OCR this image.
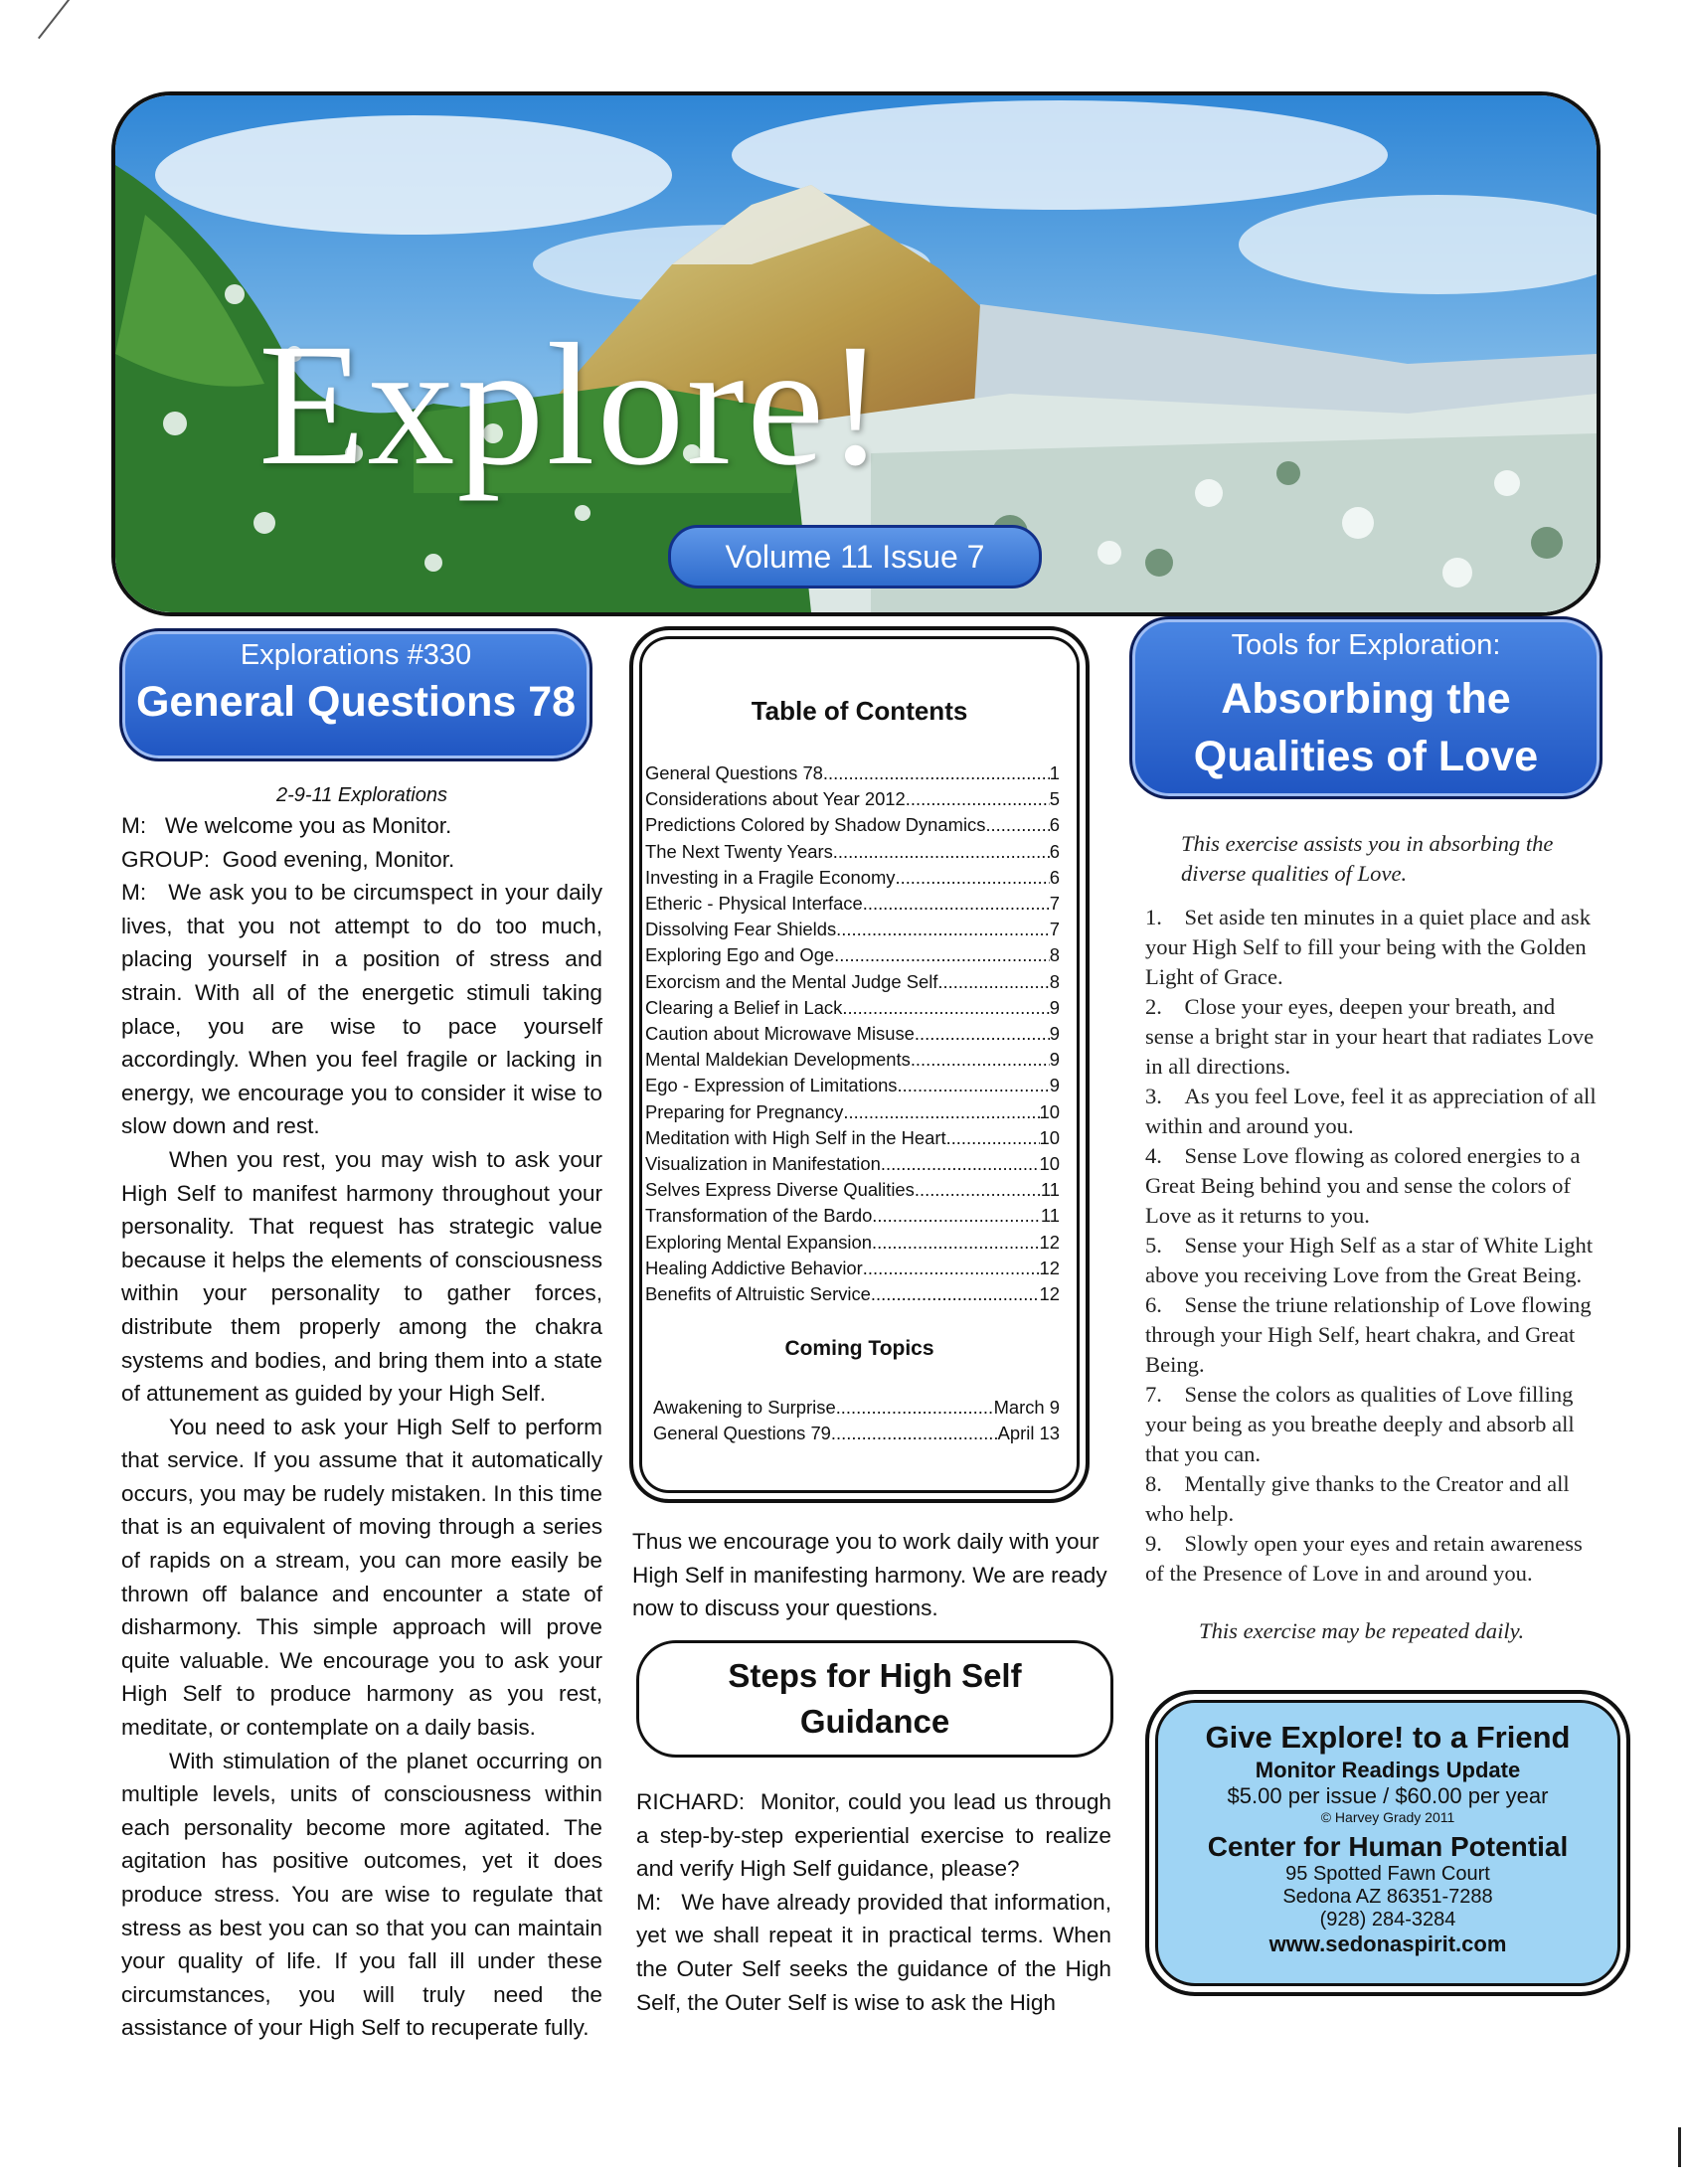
Explore!
Volume 11 Issue 7
Explorations #330
General Questions 78
2-9-11 Explorations

M:   We welcome you as Monitor.

GROUP:  Good evening, Monitor.

M:   We ask you to be circumspect in your daily lives, that you not attempt to do too much, placing yourself in a position of stress and strain. With all of the energetic stimuli taking place, you are wise to pace yourself accordingly. When you feel fragile or lacking in energy, we encourage you to consider it wise to slow down and rest.

When you rest, you may wish to ask your High Self to manifest harmony throughout your personality. That request has strategic value because it helps the elements of consciousness within your personality to gather forces, distribute them properly among the chakra systems and bodies, and bring them into a state of attunement as guided by your High Self.

You need to ask your High Self to perform that service. If you assume that it automatically occurs, you may be rudely mistaken. In this time that is an equivalent of moving through a series of rapids on a stream, you can more easily be thrown off balance and encounter a state of disharmony. This simple approach will prove quite valuable. We encourage you to ask your High Self to produce harmony as you rest, meditate, or contemplate on a daily basis.

With stimulation of the planet occurring on multiple levels, units of consciousness within each personality become more agitated. The agitation has positive outcomes, yet it does produce stress. You are wise to regulate that stress as best you can so that you can maintain your quality of life. If you fall ill under these circumstances, you will truly need the assistance of your High Self to recuperate fully.

Table of Contents
General Questions 78 .....	1
Considerations about Year 2012 .....	5
Predictions Colored by Shadow Dynamics .....	6
The Next Twenty Years .....	6
Investing in a Fragile Economy .....	6
Etheric - Physical Interface .....	7
Dissolving Fear Shields .....	7
Exploring Ego and Oge .....	8
Exorcism and the Mental Judge Self .....	8
Clearing a Belief in Lack .....	9
Caution about Microwave Misuse .....	9
Mental Maldekian Developments .....	9
Ego - Expression of Limitations .....	9
Preparing for Pregnancy .....	10
Meditation with High Self in the Heart .....	10
Visualization in Manifestation .....	10
Selves Express Diverse Qualities .....	11
Transformation of the Bardo .....	11
Exploring Mental Expansion .....	12
Healing Addictive Behavior .....	12
Benefits of Altruistic Service .....	12
Coming Topics
Awakening to Surprise .....	March 9
General Questions 79 .....	April 13
Thus we encourage you to work daily with your High Self in manifesting harmony. We are ready now to discuss your questions.
Steps for High Self
Guidance

RICHARD:  Monitor, could you lead us through a step-by-step experiential exercise to realize and verify High Self guidance, please?

M:   We have already provided that information, yet we shall repeat it in practical terms. When the Outer Self seeks the guidance of the High Self, the Outer Self is wise to ask the High

Tools for Exploration:
Absorbing the
Qualities of Love

This exercise assists you in absorbing the diverse qualities of Love.

1.    Set aside ten minutes in a quiet place and ask your High Self to fill your being with the Golden Light of Grace.

2.    Close your eyes, deepen your breath, and sense a bright star in your heart that radiates Love in all directions.

3.    As you feel Love, feel it as appreciation of all within and around you.

4.    Sense Love flowing as colored energies to a Great Being behind you and sense the colors of Love as it returns to you.

5.    Sense your High Self as a star of White Light above you receiving Love from the Great Being.

6.    Sense the triune relationship of Love flowing through your High Self, heart chakra, and Great Being.

7.    Sense the colors as qualities of Love filling your being as you breathe deeply and absorb all that you can.

8.    Mentally give thanks to the Creator and all who help.

9.    Slowly open your eyes and retain awareness of the Presence of Love in and around you.

This exercise may be repeated daily.

Give Explore! to a Friend
Monitor Readings Update
$5.00 per issue / $60.00 per year
© Harvey Grady 2011
Center for Human Potential
95 Spotted Fawn Court
Sedona AZ 86351-7288
(928) 284-3284
www.sedonaspirit.com
